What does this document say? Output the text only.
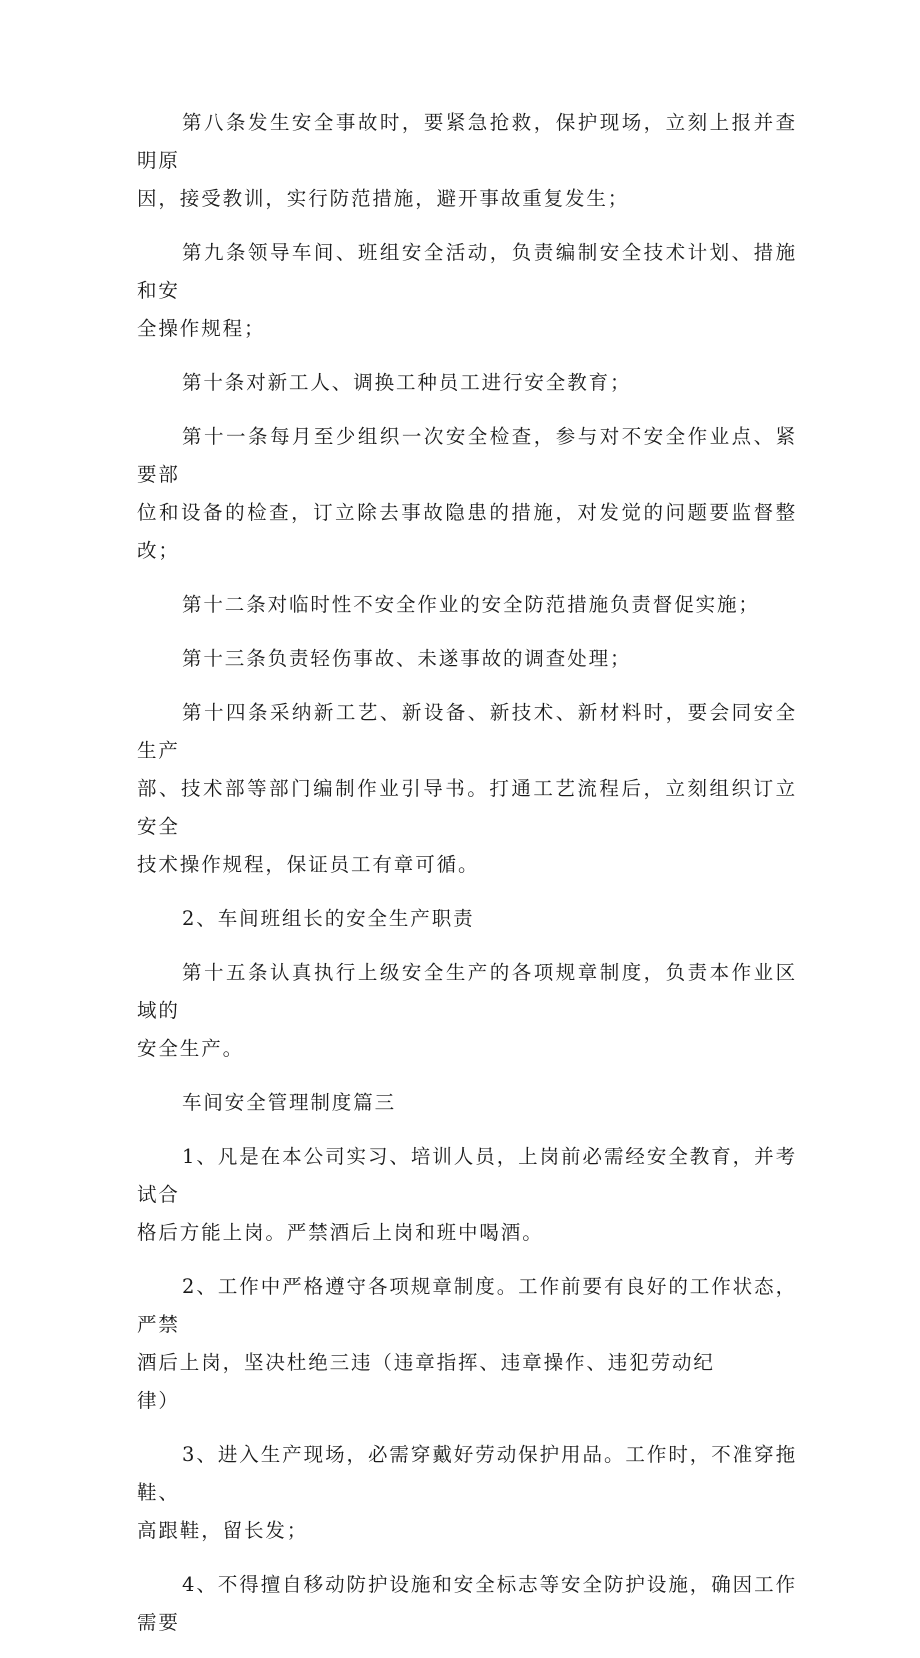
第八条发生安全事故时，要紧急抢救，保护现场，立刻上报并查明原
因，接受教训，实行防范措施，避开事故重复发生；

第九条领导车间、班组安全活动，负责编制安全技术计划、措施和安
全操作规程；

第十条对新工人、调换工种员工进行安全教育；

第十一条每月至少组织一次安全检查，参与对不安全作业点、紧要部
位和设备的检查，订立除去事故隐患的措施，对发觉的问题要监督整改；

第十二条对临时性不安全作业的安全防范措施负责督促实施；

第十三条负责轻伤事故、未遂事故的调查处理；

第十四条采纳新工艺、新设备、新技术、新材料时，要会同安全生产
部、技术部等部门编制作业引导书。打通工艺流程后，立刻组织订立安全
技术操作规程，保证员工有章可循。

2、车间班组长的安全生产职责

第十五条认真执行上级安全生产的各项规章制度，负责本作业区域的
安全生产。

车间安全管理制度篇三

1、凡是在本公司实习、培训人员，上岗前必需经安全教育，并考试合
格后方能上岗。严禁酒后上岗和班中喝酒。

2、工作中严格遵守各项规章制度。工作前要有良好的工作状态，严禁
酒后上岗，坚决杜绝三违（违章指挥、违章操作、违犯劳动纪
律）

3、进入生产现场，必需穿戴好劳动保护用品。工作时，不准穿拖鞋、
高跟鞋，留长发；

4、不得擅自移动防护设施和安全标志等安全防护设施，确因工作需要
